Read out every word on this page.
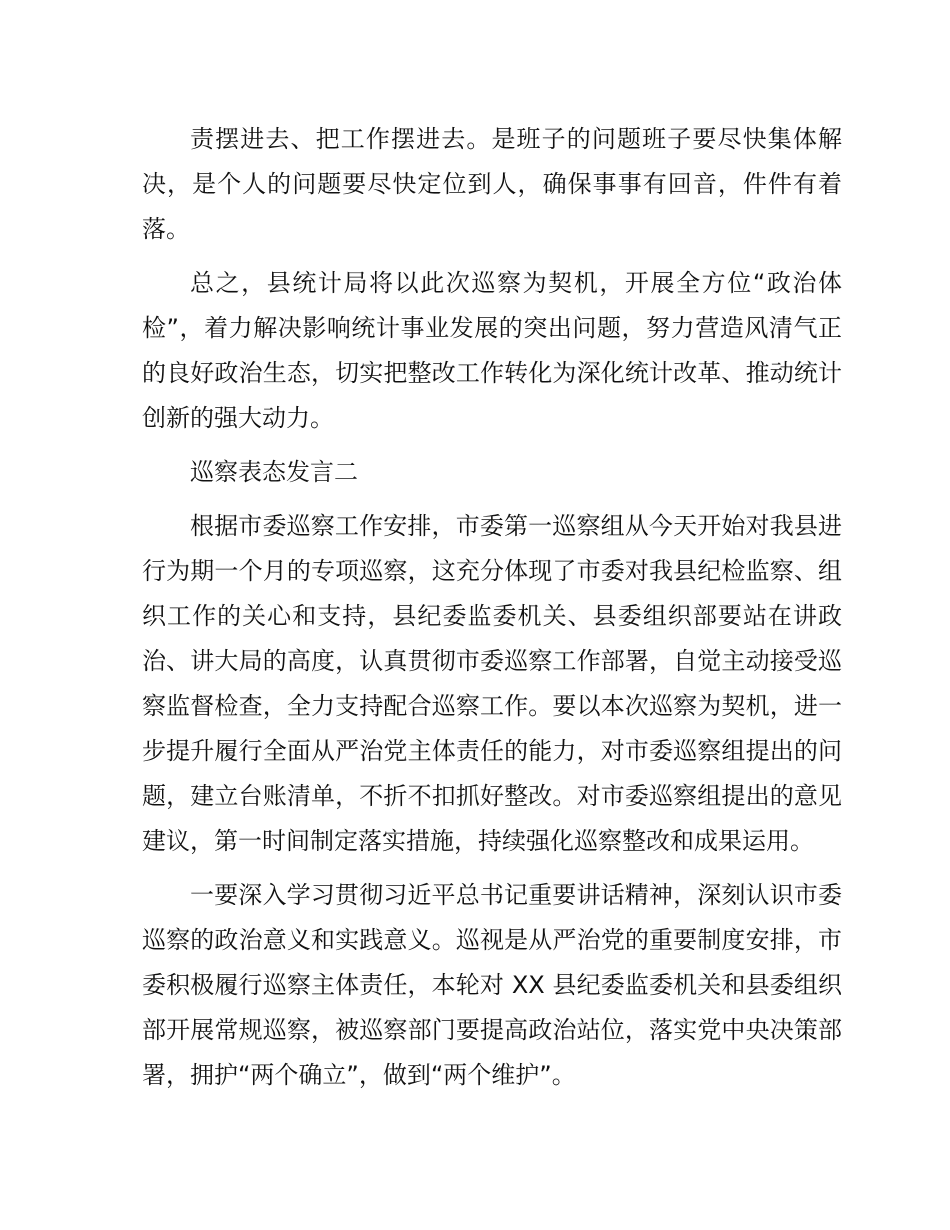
责摆进去、把工作摆进去。是班子的问题班子要尽快集体解决，是个人的问题要尽快定位到人，确保事事有回音，件件有着落。

总之，县统计局将以此次巡察为契机，开展全方位“政治体检”，着力解决影响统计事业发展的突出问题，努力营造风清气正的良好政治生态，切实把整改工作转化为深化统计改革、推动统计创新的强大动力。

巡察表态发言二

根据市委巡察工作安排，市委第一巡察组从今天开始对我县进行为期一个月的专项巡察，这充分体现了市委对我县纪检监察、组织工作的关心和支持，县纪委监委机关、县委组织部要站在讲政治、讲大局的高度，认真贯彻市委巡察工作部署，自觉主动接受巡察监督检查，全力支持配合巡察工作。要以本次巡察为契机，进一步提升履行全面从严治党主体责任的能力，对市委巡察组提出的问题，建立台账清单，不折不扣抓好整改。对市委巡察组提出的意见建议，第一时间制定落实措施，持续强化巡察整改和成果运用。

一要深入学习贯彻习近平总书记重要讲话精神，深刻认识市委巡察的政治意义和实践意义。巡视是从严治党的重要制度安排，市委积极履行巡察主体责任，本轮对 XX 县纪委监委机关和县委组织部开展常规巡察，被巡察部门要提高政治站位，落实党中央决策部署，拥护“两个确立”，做到“两个维护”。
